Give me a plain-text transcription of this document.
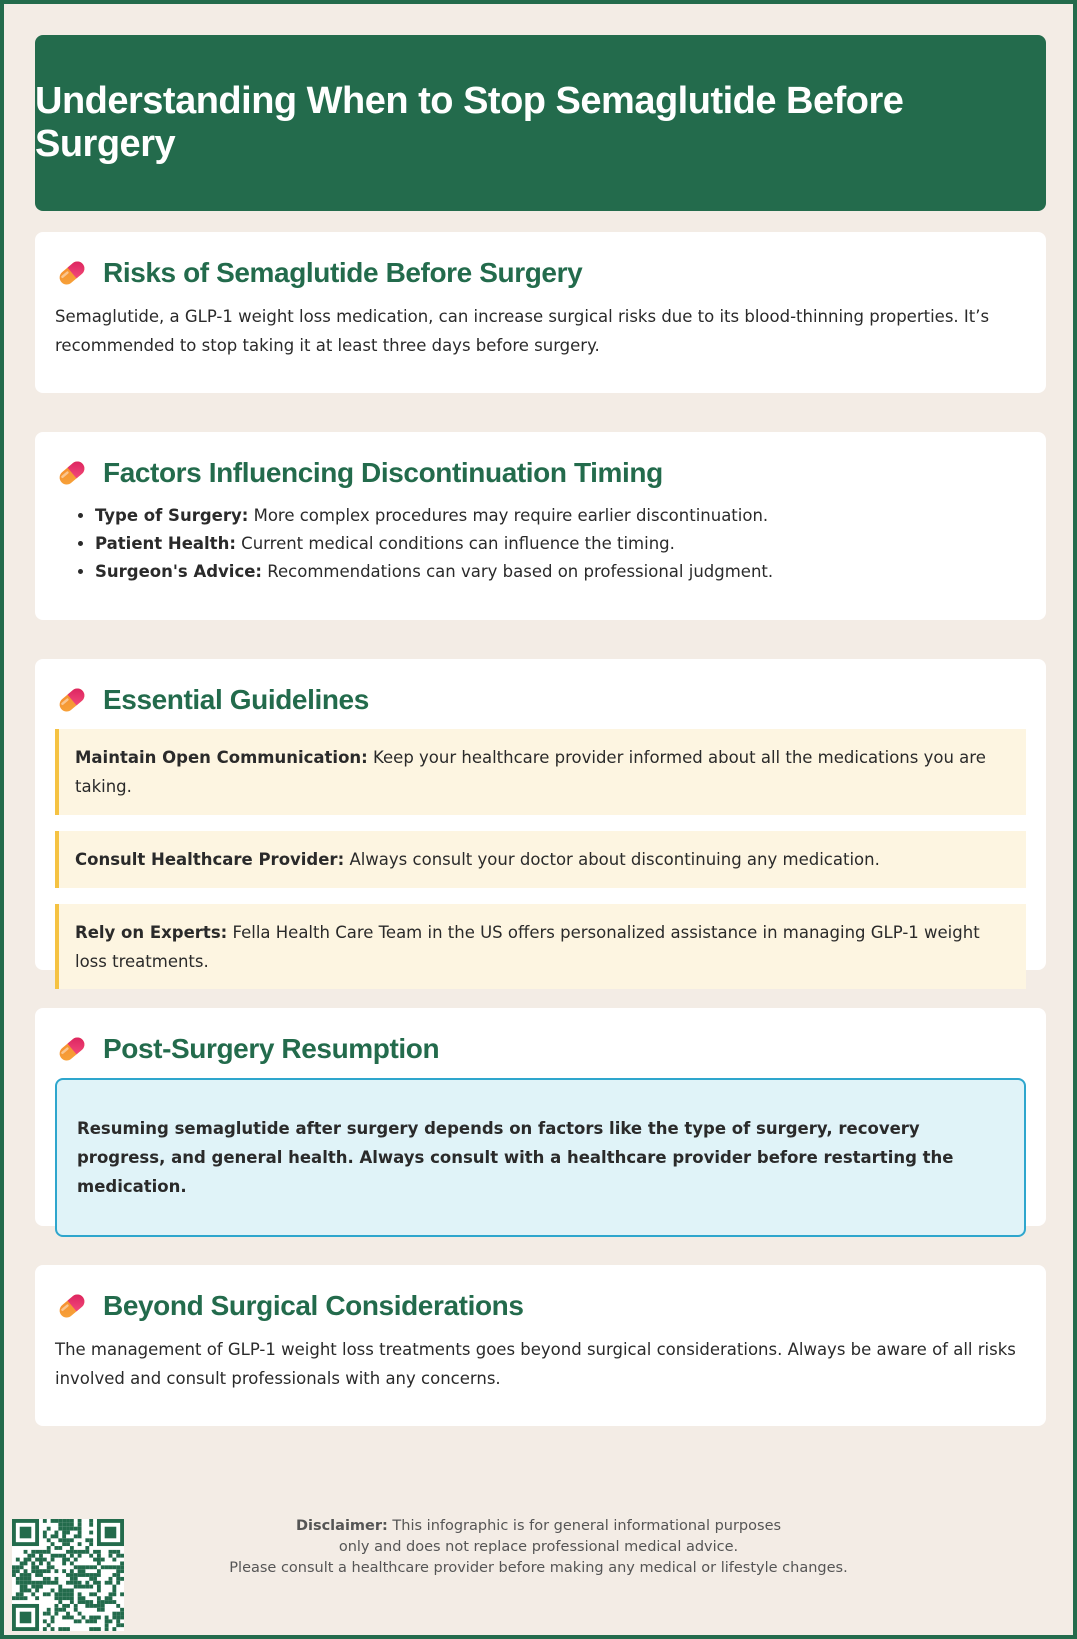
Understanding When to Stop Semaglutide Before Surgery
Risks of Semaglutide Before Surgery

Semaglutide, a GLP-1 weight loss medication, can increase surgical risks due to its blood-thinning properties. It’s recommended to stop taking it at least three days before surgery.

Factors Influencing Discontinuation Timing
• Type of Surgery: More complex procedures may require earlier discontinuation.
• Patient Health: Current medical conditions can influence the timing.
• Surgeon's Advice: Recommendations can vary based on professional judgment.
Essential Guidelines
Maintain Open Communication: Keep your healthcare provider informed about all the medications you are taking.
Consult Healthcare Provider: Always consult your doctor about discontinuing any medication.
Rely on Experts: Fella Health Care Team in the US offers personalized assistance in managing GLP-1 weight loss treatments.
Post-Surgery Resumption
Resuming semaglutide after surgery depends on factors like the type of surgery, recovery progress, and general health. Always consult with a healthcare provider before restarting the medication.
Beyond Surgical Considerations

The management of GLP-1 weight loss treatments goes beyond surgical considerations. Always be aware of all risks involved and consult professionals with any concerns.

Disclaimer: This infographic is for general informational purposes
only and does not replace professional medical advice.
Please consult a healthcare provider before making any medical or lifestyle changes.
